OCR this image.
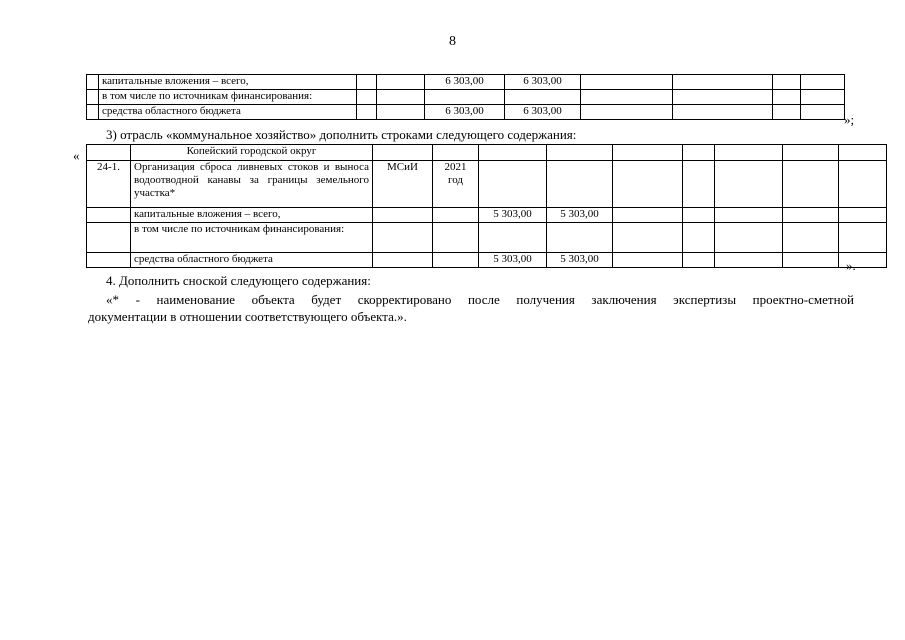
8
	капитальные вложения – всего,			6 303,00	6 303,00				
	в том числе по источникам финансирования:								
	средства областного бюджета			6 303,00	6 303,00				
»;
3) отрасль «коммунальное хозяйство» дополнить строками следующего содержания:
«
		Копейский городской округ									
24-1.	Организация сброса ливневых стоков и выноса водоотводной канавы за границы земельного участка*	МСиИ	2021 год							
	капитальные вложения – всего,			5 303,00	5 303,00					
	в том числе по источникам финансирования:									
	средства областного бюджета			5 303,00	5 303,00						».
4. Дополнить сноской следующего содержания:
«* - наименование объекта будет скорректировано после получения заключения экспертизы проектно-сметной
документации в отношении соответствующего объекта.».
